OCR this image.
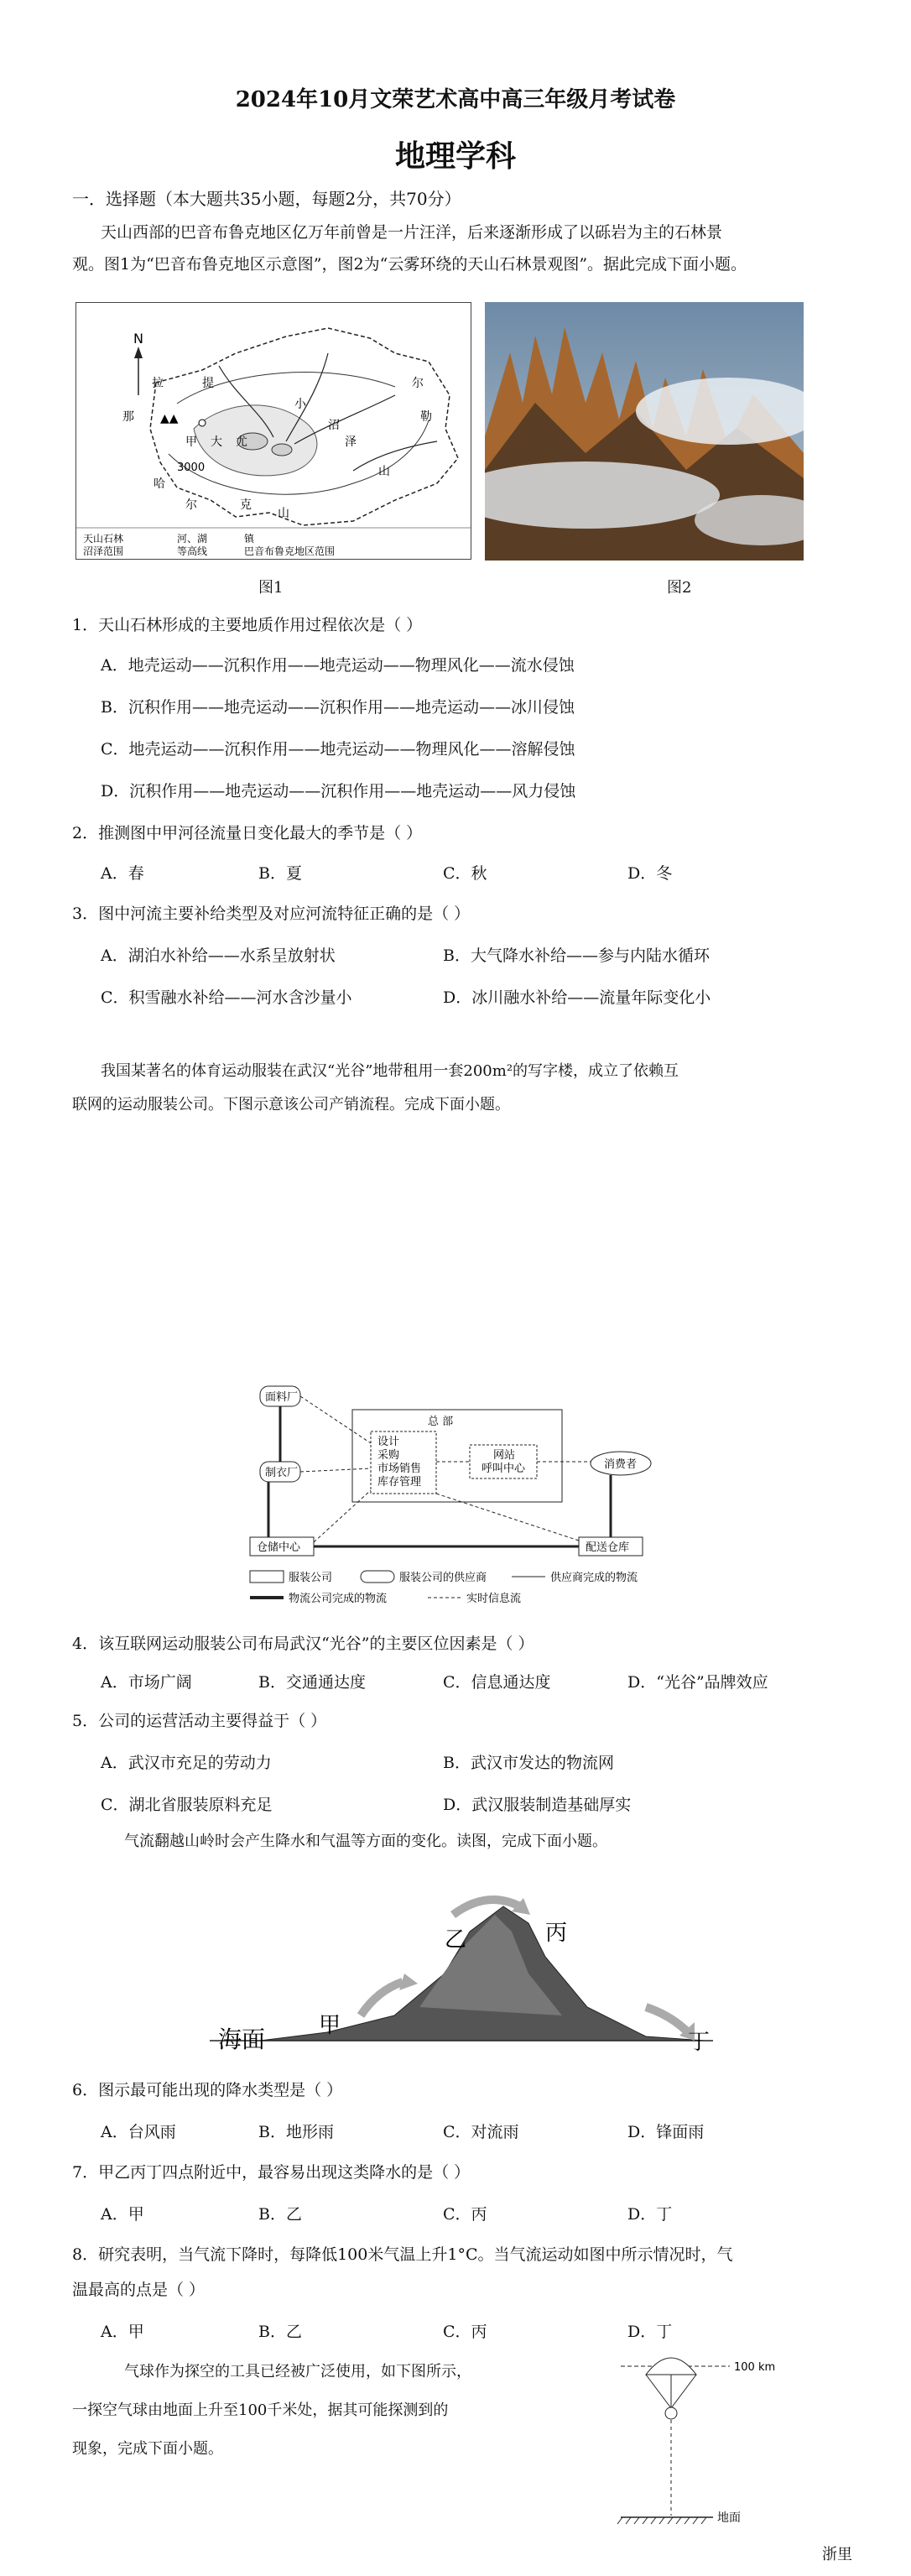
2024年10月文荣艺术高中高三年级月考试卷
地理学科
一．选择题（本大题共35小题，每题2分，共70分）
天山西部的巴音布鲁克地区亿万年前曾是一片汪洋，后来逐渐形成了以砾岩为主的石林景
观。图1为“巴音布鲁克地区示意图”，图2为“云雾环绕的天山石林景观图”。据此完成下面小题。
N
▲▲
甲 大 尤
小
沼
泽
哈
尔	克
山
那
拉	提	尔
勒
山
3000
天山石林	河、湖	镇
沼泽范围	等高线	巴音布鲁克地区范围
图1	图2
1．天山石林形成的主要地质作用过程依次是（ ）
A．地壳运动——沉积作用——地壳运动——物理风化——流水侵蚀
B．沉积作用——地壳运动——沉积作用——地壳运动——冰川侵蚀
C．地壳运动——沉积作用——地壳运动——物理风化——溶解侵蚀
D．沉积作用——地壳运动——沉积作用——地壳运动——风力侵蚀
2．推测图中甲河径流量日变化最大的季节是（ ）
A．春	B．夏	C．秋	D．冬
3．图中河流主要补给类型及对应河流特征正确的是（ ）
A．湖泊水补给——水系呈放射状	B．大气降水补给——参与内陆水循环
C．积雪融水补给——河水含沙量小	D．冰川融水补给——流量年际变化小
我国某著名的体育运动服装在武汉“光谷”地带租用一套200m²的写字楼，成立了依赖互
联网的运动服装公司。下图示意该公司产销流程。完成下面小题。
面料厂
制衣厂
总 部
设计
采购
市场销售
库存管理
网站
呼叫中心	消费者
仓储中心	配送仓库
服装公司	服装公司的供应商	供应商完成的物流
物流公司完成的物流	实时信息流
4．该互联网运动服装公司布局武汉“光谷”的主要区位因素是（ ）
A．市场广阔	B．交通通达度	C．信息通达度	D．“光谷”品牌效应
5．公司的运营活动主要得益于（ ）
A．武汉市充足的劳动力	B．武汉市发达的物流网
C．湖北省服装原料充足	D．武汉服装制造基础厚实
气流翻越山岭时会产生降水和气温等方面的变化。读图，完成下面小题。
海面 甲
乙	丙
丁
6．图示最可能出现的降水类型是（ ）
A．台风雨	B．地形雨	C．对流雨	D．锋面雨
7．甲乙丙丁四点附近中，最容易出现这类降水的是（ ）
A．甲	B．乙	C．丙	D．丁
8．研究表明，当气流下降时，每降低100米气温上升1°C。当气流运动如图中所示情况时，气
温最高的点是（ ）
A．甲	B．乙	C．丙	D．丁
气球作为探空的工具已经被广泛使用，如下图所示，
一探空气球由地面上升至100千米处，据其可能探测到的
现象，完成下面小题。
100 km
地面
浙里
